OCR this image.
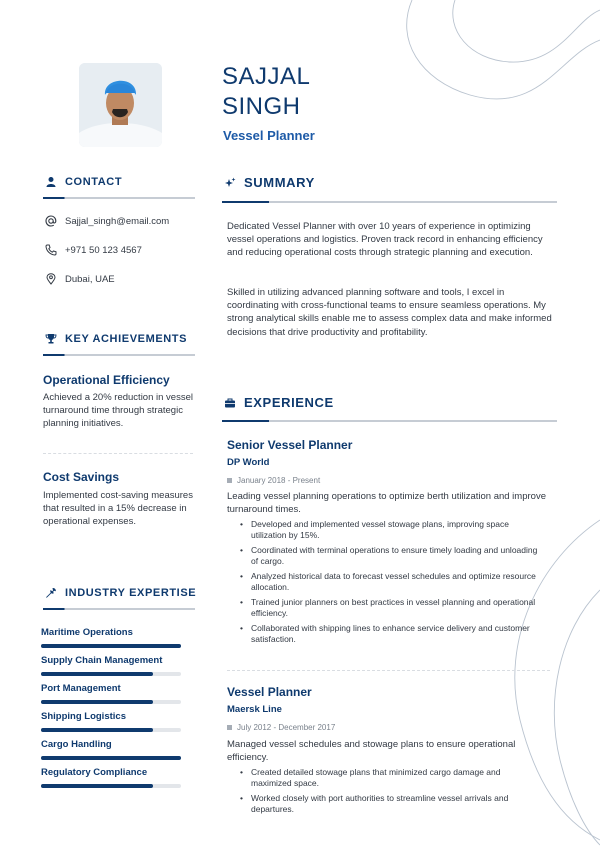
SAJJAL
SINGH
Vessel Planner
CONTACT
Sajjal_singh@email.com
+971 50 123 4567
Dubai, UAE
KEY ACHIEVEMENTS
Operational Efficiency
Achieved a 20% reduction in vessel turnaround time through strategic planning initiatives.
Cost Savings
Implemented cost-saving measures that resulted in a 15% decrease in operational expenses.
INDUSTRY EXPERTISE
Maritime Operations
Supply Chain Management
Port Management
Shipping Logistics
Cargo Handling
Regulatory Compliance
SUMMARY

Dedicated Vessel Planner with over 10 years of experience in optimizing vessel operations and logistics. Proven track record in enhancing efficiency and reducing operational costs through strategic planning and execution.

Skilled in utilizing advanced planning software and tools, I excel in coordinating with cross-functional teams to ensure seamless operations. My strong analytical skills enable me to assess complex data and make informed decisions that drive productivity and profitability.

EXPERIENCE
Senior Vessel Planner
DP World
January 2018 - Present
Leading vessel planning operations to optimize berth utilization and improve turnaround times.
• Developed and implemented vessel stowage plans, improving space utilization by 15%.
• Coordinated with terminal operations to ensure timely loading and unloading of cargo.
• Analyzed historical data to forecast vessel schedules and optimize resource allocation.
• Trained junior planners on best practices in vessel planning and operational efficiency.
• Collaborated with shipping lines to enhance service delivery and customer satisfaction.
Vessel Planner
Maersk Line
July 2012 - December 2017
Managed vessel schedules and stowage plans to ensure operational efficiency.
• Created detailed stowage plans that minimized cargo damage and maximized space.
• Worked closely with port authorities to streamline vessel arrivals and departures.
